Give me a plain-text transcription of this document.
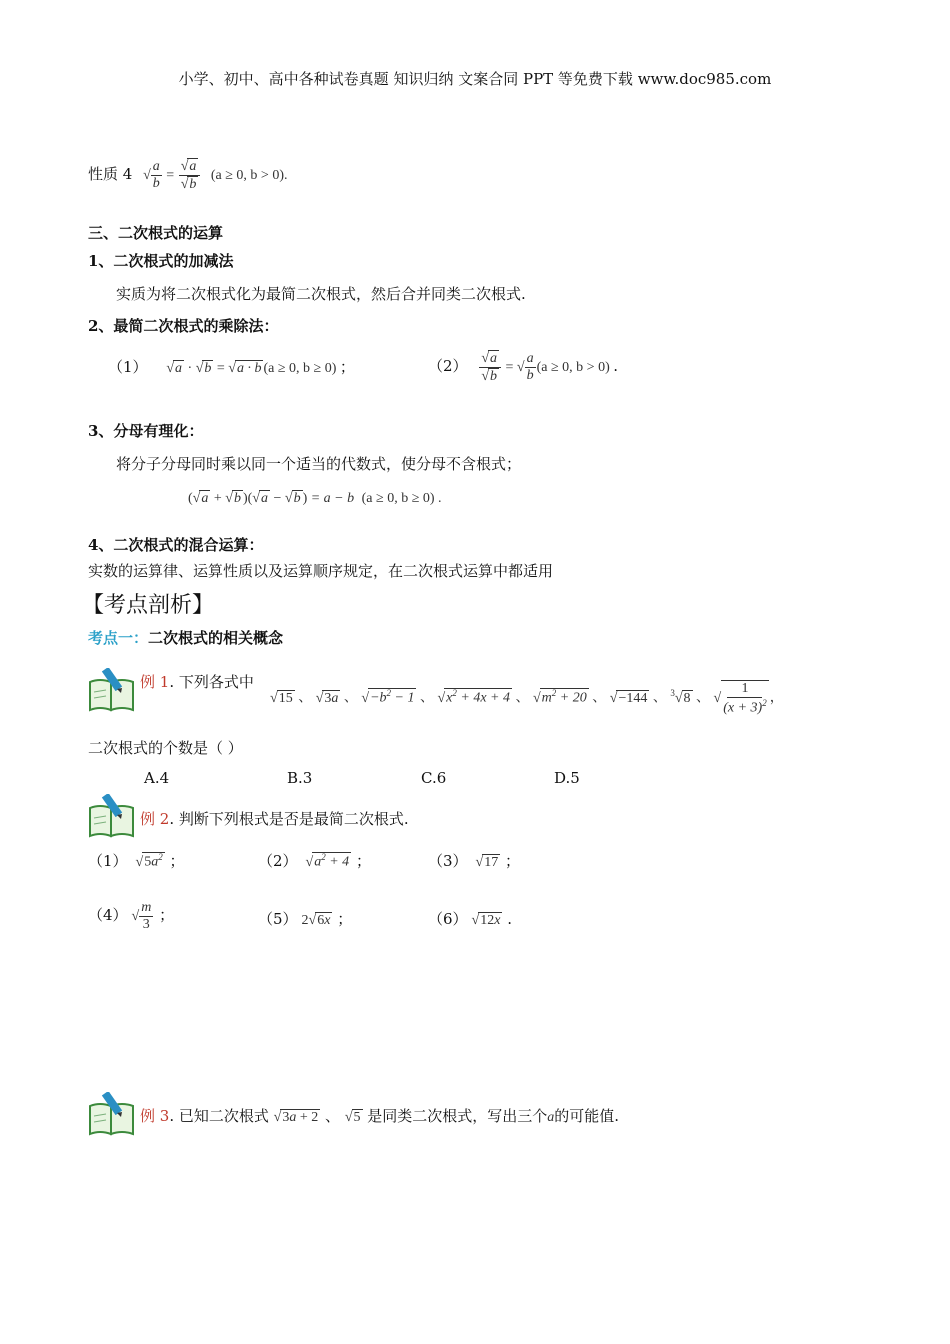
小学、初中、高中各种试卷真题 知识归纳 文案合同 PPT 等免费下载 www.doc985.com
性质 4 √ $\frac{a}{b} = \frac{√a}{√b} (a \ge 0$, b > 0).
三、二次根式的运算
1、二次根式的加减法
实质为将二次根式化为最简二次根式，然后合并同类二次根式.
2、最简二次根式的乘除法：
（1） √a · √b = √a · b (a ≥ 0, b ≥ 0) ；	$(2) \frac{√a}{√b}$ = √ $\frac{a}{b} (a \ge 0$, b > 0) .
3、分母有理化：
将分子分母同时乘以同一个适当的代数式，使分母不含根式；
(√a + √b )(√a − √b ) = a − b (a ≥ 0, b ≥ 0) .
4、二次根式的混合运算：
实数的运算律、运算性质以及运算顺序规定，在二次根式运算中都适用
【考点剖析】
考点一：二次根式的相关概念
例 1. 下列各式中
√15 、 √3a 、 $√-b^2 - 1$ 、 $√x^2 + 4x + 4$ 、 $√m^2 + 20$ 、 √−144 、 $^3$√8 、 √ $\frac{1}{(x + 3)^2}$ ，
二次根式的个数是（ ）
A.4	B.3	C.6	D.5
例 2. 判断下列根式是否是最简二次根式.
（1） $√5a^2$ ；	（2） $√a^2 + 4$ ；	（3） √17 ；
（4） √ $\frac{m}{3}$ ；	（5） 2√6x ；	（6） √12x .
例 3. 已知二次根式 √3a + 2 、 √5 是同类二次根式，写出三个a的可能值.
